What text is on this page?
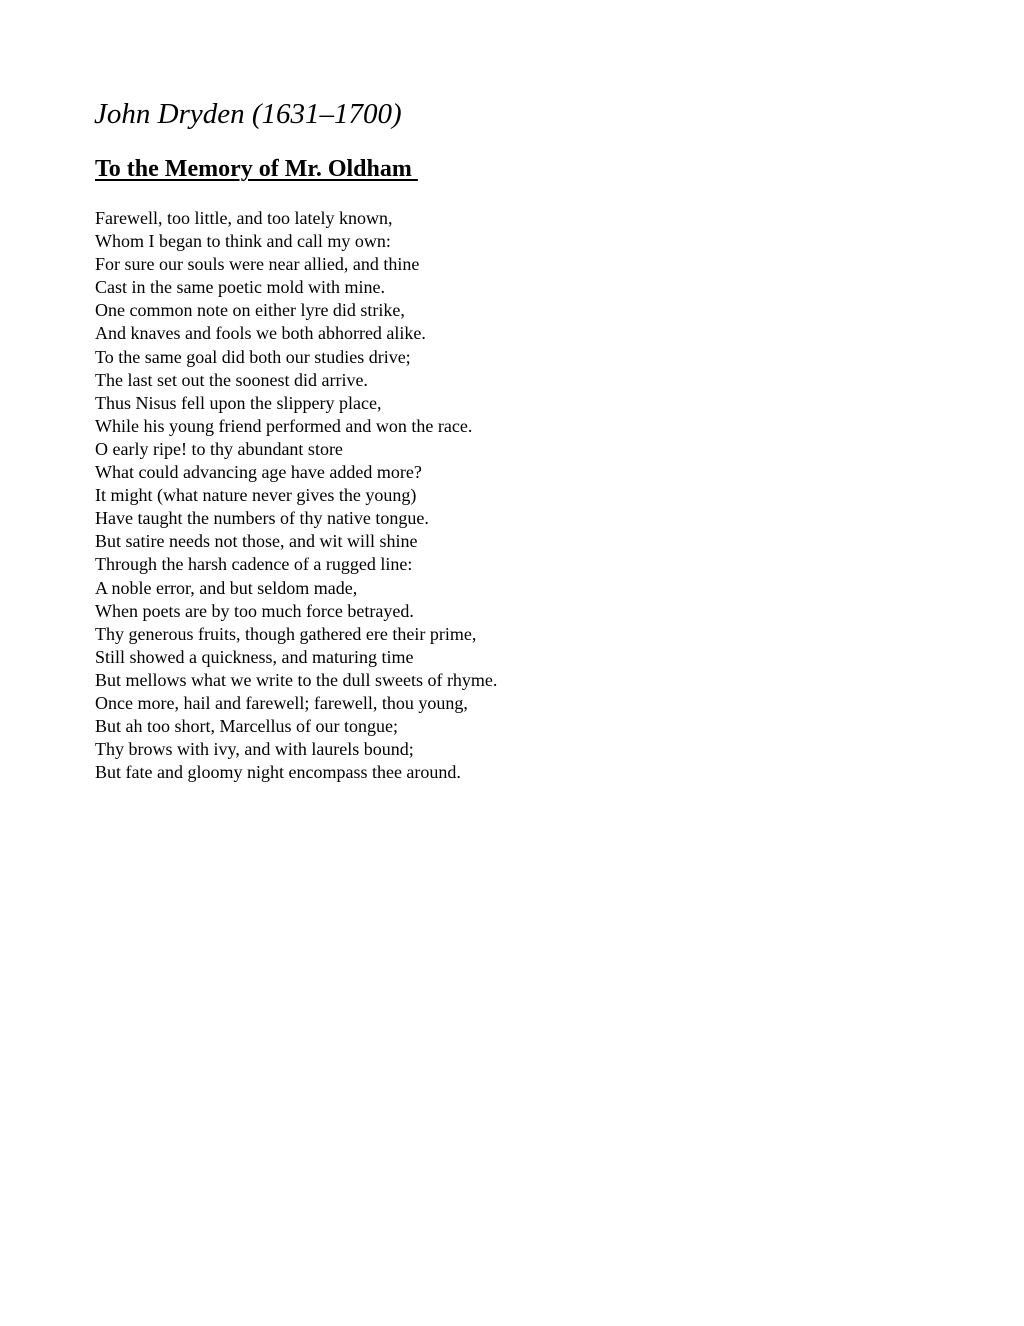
John Dryden (1631–1700)
To the Memory of Mr. Oldham
Farewell, too little, and too lately known,
Whom I began to think and call my own:
For sure our souls were near allied, and thine
Cast in the same poetic mold with mine.
One common note on either lyre did strike,
And knaves and fools we both abhorred alike.
To the same goal did both our studies drive;
The last set out the soonest did arrive.
Thus Nisus fell upon the slippery place,
While his young friend performed and won the race.
O early ripe! to thy abundant store
What could advancing age have added more?
It might (what nature never gives the young)
Have taught the numbers of thy native tongue.
But satire needs not those, and wit will shine
Through the harsh cadence of a rugged line:
A noble error, and but seldom made,
When poets are by too much force betrayed.
Thy generous fruits, though gathered ere their prime,
Still showed a quickness, and maturing time
But mellows what we write to the dull sweets of rhyme.
Once more, hail and farewell; farewell, thou young,
But ah too short, Marcellus of our tongue;
Thy brows with ivy, and with laurels bound;
But fate and gloomy night encompass thee around.
